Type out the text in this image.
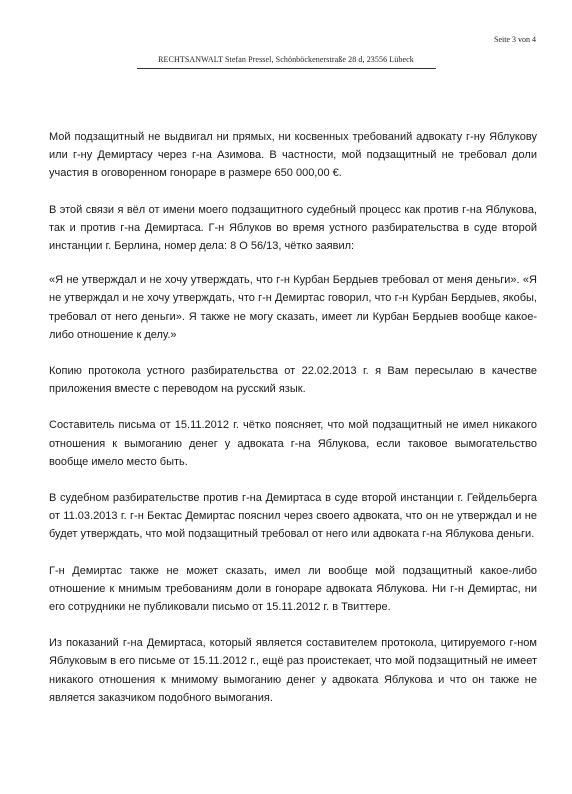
Seite 3 von 4
RECHTSANWALT Stefan Pressel, Schönböckenerstraße 28 d, 23556 Lübeck

Мой подзащитный не выдвигал ни прямых, ни косвенных требований адвокату г-ну Яблукову или г-ну Демиртасу через г-на Азимова. В частности, мой подзащитный не требовал доли участия в оговоренном гонораре в размере 650 000,00 €.

В этой связи я вёл от имени моего подзащитного судебный процесс как против г-на Яблукова, так и против г-на Демиртаса. Г-н Яблуков во время устного разбирательства в суде второй инстанции г. Берлина, номер дела: 8 О 56/13, чётко заявил:

«Я не утверждал и не хочу утверждать, что г-н Курбан Бердыев требовал от меня деньги». «Я не утверждал и не хочу утверждать, что г-н Демиртас говорил, что г-н Курбан Бердыев, якобы, требовал от него деньги». Я также не могу сказать, имеет ли Курбан Бердыев вообще какое-либо отношение к делу.»

Копию протокола устного разбирательства от 22.02.2013 г. я Вам пересылаю в качестве приложения вместе с переводом на русский язык.

Составитель письма от 15.11.2012 г. чётко поясняет, что мой подзащитный не имел никакого отношения к вымоганию денег у адвоката г-на Яблукова, если таковое вымогательство вообще имело место быть.

В судебном разбирательстве против г-на Демиртаса в суде второй инстанции г. Гейдельберга от 11.03.2013 г. г-н Бектас Демиртас пояснил через своего адвоката, что он не утверждал и не будет утверждать, что мой подзащитный требовал от него или адвоката г-на Яблукова деньги.

Г-н Демиртас также не может сказать, имел ли вообще мой подзащитный какое-либо отношение к мнимым требованиям доли в гонораре адвоката Яблукова. Ни г-н Демиртас, ни его сотрудники не публиковали письмо от 15.11.2012 г. в Твиттере.

Из показаний г-на Демиртаса, который является составителем протокола, цитируемого г-ном Яблуковым в его письме от 15.11.2012 г., ещё раз проистекает, что мой подзащитный не имеет никакого отношения к мнимому вымоганию денег у адвоката Яблукова и что он также не является заказчиком подобного вымогания.
